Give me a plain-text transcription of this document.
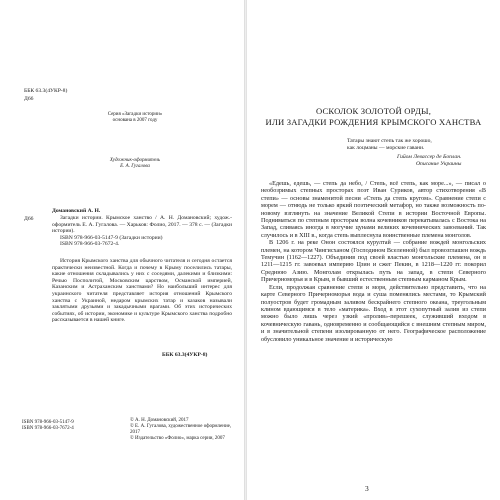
ББК 63.3(4УКР-8)
Д66
Серия «Загадки истории»
основана в 2007 году
Художник-оформитель
Е. А. Гугалова
Д66
Домановский А. Н.

Загадки истории. Крымское ханство / А. Н. Домановский; худож.-оформитель Е. А. Гугалова. — Харьков: Фолио, 2017. — 378 с. — (Загадки истории).

ISBN 978-966-03-5147-9 (Загадки истории)

ISBN 978-966-03-7672-4.

История Крымского ханства для обычного читателя и сегодня остается практически неизвестной. Когда и почему в Крыму поселились татары, какие отношения складывались у них с соседями, далекими и близкими: Речью Посполитой, Московским царством, Османской империей, Казанским и Астраханским ханствами? Но наибольший интерес для украинского читателя представляет история отношений Крымского ханства с Украиной, недаром крымских татар и казаков называли заклятыми друзьями и закадычными врагами. Об этих исторических событиях, об истории, экономике и культуре Крымского ханства подробно рассказывается в нашей книге.

ББК 63.3(4УКР-8)
ISBN 978-966-03-5147-9
ISBN 978-966-03-7672-4
© А. Н. Домановский, 2017
© Е. А. Гугалова, художественное оформление, 2017
© Издательство «Фолио», марка серии, 2007
ОСКОЛОК ЗОЛОТОЙ ОРДЫ,
ИЛИ ЗАГАДКИ РОЖДЕНИЯ КРЫМСКОГО ХАНСТВА
Татары знают степь так же хорошо,
как лоцманы — морские гавани.
Гийом Левассер де Боплан.
Описание Украины

«Едешь, едешь, — степь да небо, / Степь, всё степь, как море...», — писал о необозримых степных просторах поэт Иван Суриков, автор стихотворения «В степи» — основы знаменитой песни «Степь да степь кругом». Сравнение степи с морем — отнюдь не только яркий поэтический метафор, но также возможность по-новому взглянуть на значение Великой Степи в истории Восточной Европы. Подниматься по степным просторам волна кочевников перекатывалась с Востока на Запад, сливаясь иногда в могучие цунами великих кочевнических завоеваний. Так случилось и в XIII в., когда степь выплеснула воинственные племена монголов.

В 1206 г. на реке Онон состоялся курултай — собрание вождей монгольских племен, на котором Чингисханом (Господином Вселенной) был провозглашен вождь Темучин (1162—1227). Объединив под своей властью монгольские племена, он в 1211—1215 гг. завоевал империю Цзин и сжег Пекин, в 1218—1220 гг. покорил Среднюю Азию. Монголам открылась путь на запад, в степи Северного Причерноморья и в Крым, в бывший естественным степным карманом Крым.

Если, продолжая сравнение степи и моря, действительно представить, что на карте Северного Причерноморья вода и суша поменялись местами, то Крымский полуостров будет громадным заливом бескрайнего степного океана, треугольным клином вдающимся в тело «материка». Вход в этот сухопутный залив из степи можно было лишь через узкий «пролив»-перешеек, служивший входом в кочевническую гавань, одновременно и сообщающийся с внешним степным миром, и в значительной степени изолированную от него. Географическое расположение обусловило уникальное значение и историческую

3
